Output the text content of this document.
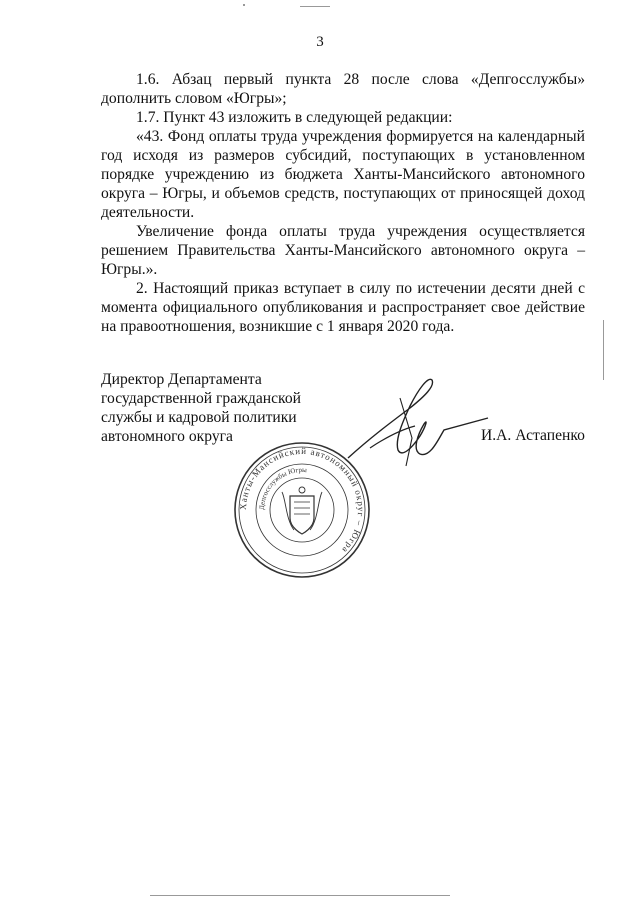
3

1.6. Абзац первый пункта 28 после слова «Депгосслужбы» дополнить словом «Югры»;

1.7. Пункт 43 изложить в следующей редакции:

«43. Фонд оплаты труда учреждения формируется на календарный год исходя из размеров субсидий, поступающих в установленном порядке учреждению из бюджета Ханты-Мансийского автономного округа – Югры, и объемов средств, поступающих от приносящей доход деятельности.

Увеличение фонда оплаты труда учреждения осуществляется решением Правительства Ханты-Мансийского автономного округа – Югры.».

2. Настоящий приказ вступает в силу по истечении десяти дней с момента официального опубликования и распространяет свое действие на правоотношения, возникшие с 1 января 2020 года.

Директор Департамента
государственной гражданской
службы и кадровой политики
автономного округа	И.А. Астапенко
Ханты-Мансийский автономный округ – Югра
Депгосслужбы Югры
